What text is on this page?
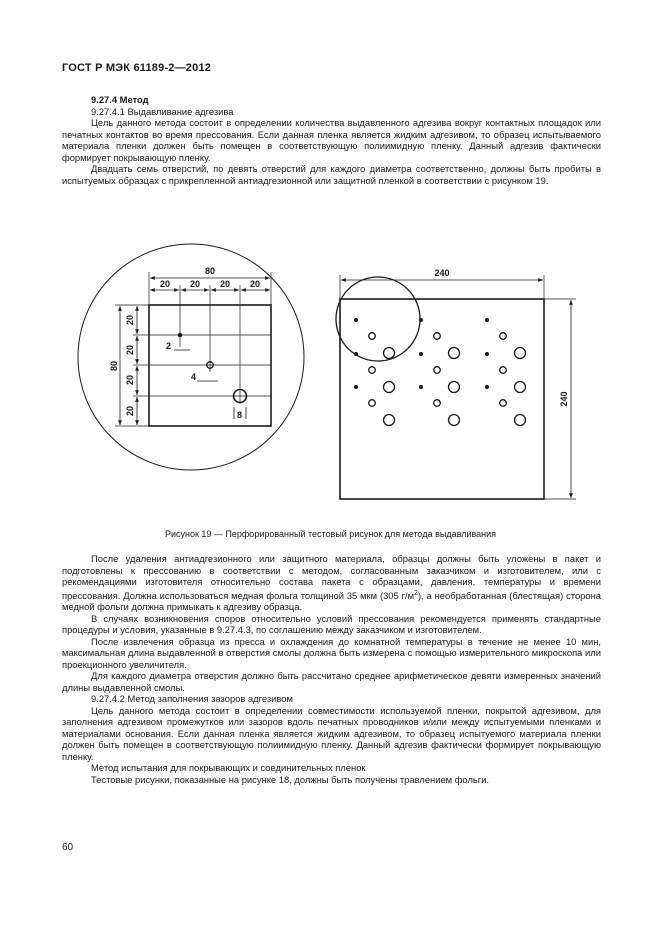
ГОСТ Р МЭК 61189-2—2012

9.27.4 Метод

9.27.4.1 Выдавливание адгезива

Цель данного метода состоит в определении количества выдавленного адгезива вокруг контактных площадок или печатных контактов во время прессования. Если данная пленка является жидким адгезивом, то образец испытываемого материала пленки должен быть помещен в соответствующую полиимидную пленку. Данный адгезив фактически формирует покрывающую пленку.

Двадцать семь отверстий, по девять отверстий для каждого диаметра соответственно, должны быть пробиты в испытуемых образцах с прикрепленной антиадгезионной или защитной пленкой в соответствии с рисунком 19.

80
20 20 20 20
80
20
20
20
20
2
4
8
240
240
Рисунок 19 — Перфорированный тестовый рисунок для метода выдавливания

После удаления антиадгезионного или защитного материала, образцы должны быть уложены в пакет и подготовлены к прессованию в соответствии с методом, согласованным заказчиком и изготовителем, или с рекомендациями изготовителя относительно состава пакета с образцами, давления, температуры и времени прессования. Должна использоваться медная фольга толщиной 35 мкм (305 $г/м^2$), а необработанная (блестящая) сторона медной фольги должна примыкать к адгезиву образца.

В случаях возникновения споров относительно условий прессования рекомендуется применять стандартные процедуры и условия, указанные в 9.27.4.3, по соглашению между заказчиком и изготовителем.

После извлечения образца из пресса и охлаждения до комнатной температуры в течение не менее 10 мин, максимальная длина выдавленной в отверстия смолы должна быть измерена с помощью измерительного микроскопа или проекционного увеличителя.

Для каждого диаметра отверстия должно быть рассчитано среднее арифметическое девяти измеренных значений длины выдавленной смолы.

9.27.4.2 Метод заполнения зазоров адгезивом

Цель данного метода состоит в определении совместимости используемой пленки, покрытой адгезивом, для заполнения адгезивом промежутков или зазоров вдоль печатных проводников и/или между испытуемыми пленками и материалами основания. Если данная пленка является жидким адгезивом, то образец испытуемого материала пленки должен быть помещен в соответствующую полиимидную пленку. Данный адгезив фактически формирует покрывающую пленку.

Метод испытания для покрывающих и соединительных пленок

Тестовые рисунки, показанные на рисунке 18, должны быть получены травлением фольги.

60
